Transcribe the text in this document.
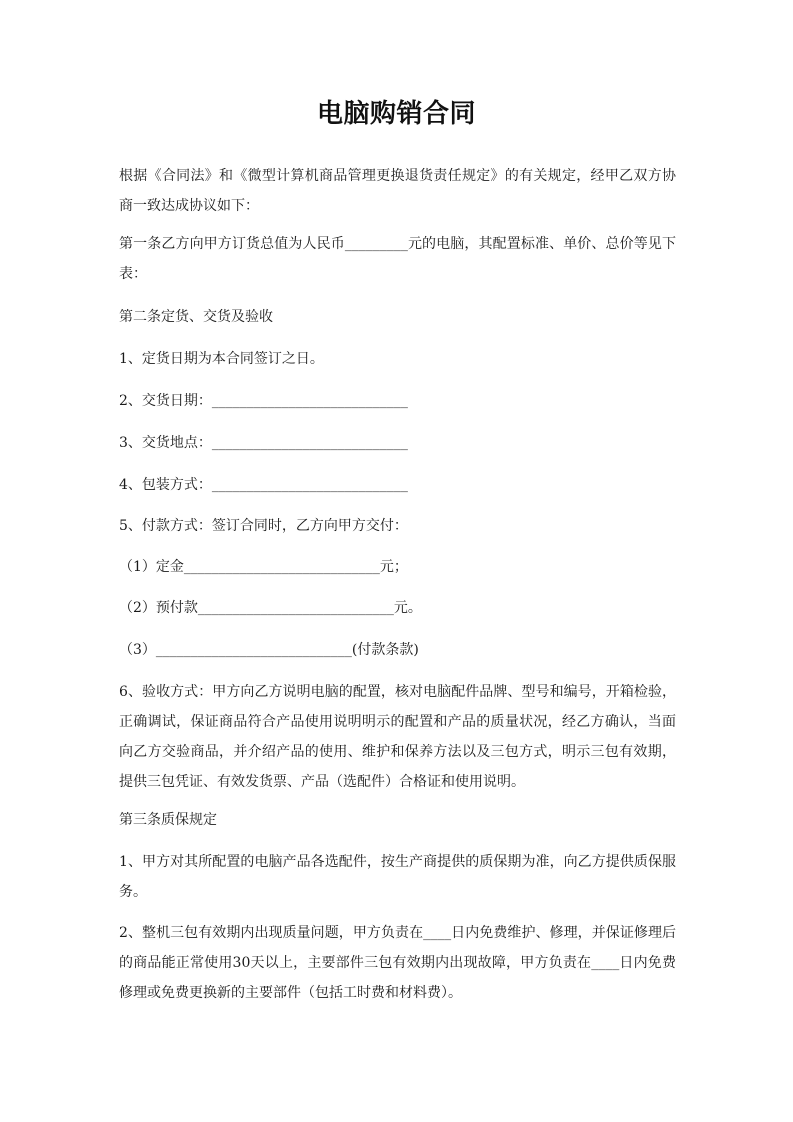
电脑购销合同

根据《合同法》和《微型计算机商品管理更换退货责任规定》的有关规定，经甲乙双方协商一致达成协议如下：

第一条乙方向甲方订货总值为人民币_________元的电脑，其配置标准、单价、总价等见下表：

第二条定货、交货及验收

1、定货日期为本合同签订之日。

2、交货日期：____________________________

3、交货地点：____________________________

4、包装方式：____________________________

5、付款方式：签订合同时，乙方向甲方交付：

（1）定金____________________________元；

（2）预付款____________________________元。

（3）____________________________(付款条款)

6、验收方式：甲方向乙方说明电脑的配置，核对电脑配件品牌、型号和编号，开箱检验，正确调试，保证商品符合产品使用说明明示的配置和产品的质量状况，经乙方确认，当面向乙方交验商品，并介绍产品的使用、维护和保养方法以及三包方式，明示三包有效期，提供三包凭证、有效发货票、产品（选配件）合格证和使用说明。

第三条质保规定

1、甲方对其所配置的电脑产品各选配件，按生产商提供的质保期为准，向乙方提供质保服务。

2、整机三包有效期内出现质量问题，甲方负责在____日内免费维护、修理，并保证修理后的商品能正常使用30天以上，主要部件三包有效期内出现故障，甲方负责在____日内免费修理或免费更换新的主要部件（包括工时费和材料费）。
